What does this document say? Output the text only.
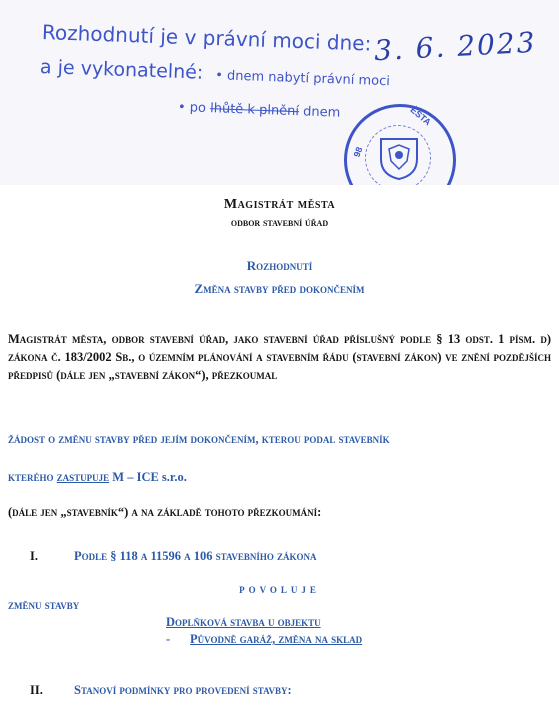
Rozhodnutí je v právní moci dne: 3. 6. 2023
a je vykonatelné: • dnem nabytí právní moci
• po lhůtě k plnění dnem
98
ĚSTA
Magistrát města
odbor stavební úřad
Rozhodnutí
Změna stavby před dokončením
Magistrát města, odbor stavební úřad, jako stavební úřad příslušný podle § 13 odst. 1 písm. d) zákona č. 183/2002 Sb., o územním plánování a stavebním řádu (stavební zákon) ve znění pozdějších předpisů (dále jen „stavební zákon“), přezkoumal
žádost o změnu stavby před jejím dokončením, kterou podal stavebník
kterého zastupuje M – ICE s.r.o.
(dále jen „stavebník“) a na základě tohoto přezkoumání:
I.	Podle § 118 a 11596 a 106 stavebního zákona
povoluje
změnu stavby
Doplňková stavba u objektu
- Původně garáž, změna na sklad
II. Stanoví podmínky pro provedení stavby:
